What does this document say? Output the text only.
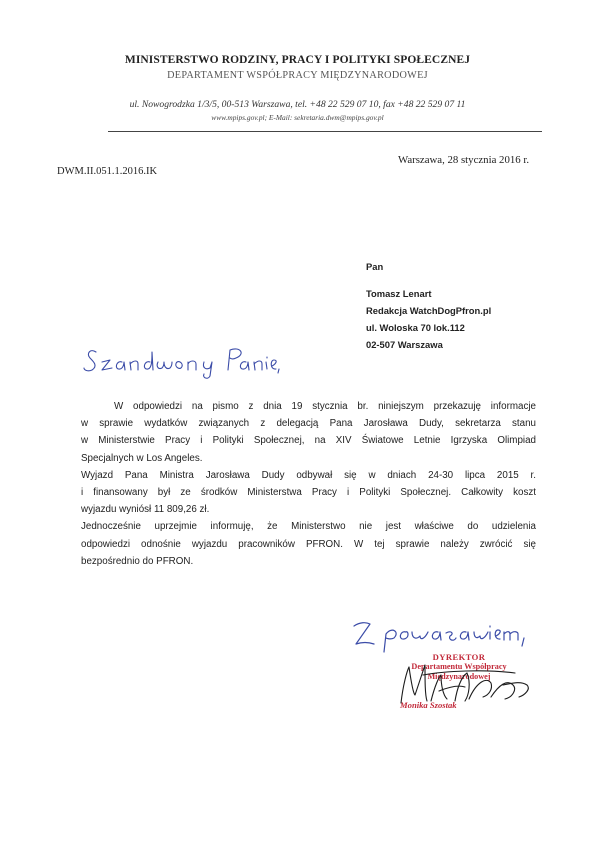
MINISTERSTWO RODZINY, PRACY I POLITYKI SPOŁECZNEJ
DEPARTAMENT WSPÓŁPRACY MIĘDZYNARODOWEJ
ul. Nowogrodzka 1/3/5, 00-513 Warszawa, tel. +48 22 529 07 10, fax +48 22 529 07 11
www.mpips.gov.pl; E-Mail: sekretaria.dwm@mpips.gov.pl
DWM.II.051.1.2016.IK
Warszawa, 28 stycznia 2016 r.
Pan
Tomasz Lenart
Redakcja WatchDogPfron.pl
ul. Woloska 70 lok.112
02-507 Warszawa

W odpowiedzi na pismo z dnia 19 stycznia br. niniejszym przekazuję informacje

w sprawie wydatków związanych z delegacją Pana Jarosława Dudy, sekretarza stanu

w Ministerstwie Pracy i Polityki Społecznej, na XIV Światowe Letnie Igrzyska Olimpiad

Specjalnych w Los Angeles.

Wyjazd Pana Ministra Jarosława Dudy odbywał się w dniach 24-30 lipca 2015 r.

i finansowany był ze środków Ministerstwa Pracy i Polityki Społecznej. Całkowity koszt

wyjazdu wyniósł 11 809,26 zł.

Jednocześnie uprzejmie informuję, że Ministerstwo nie jest właściwe do udzielenia

odpowiedzi odnośnie wyjazdu pracowników PFRON. W tej sprawie należy zwrócić się

bezpośrednio do PFRON.

DYREKTOR
Departamentu Współpracy
Międzynarodowej
Monika Szostak
